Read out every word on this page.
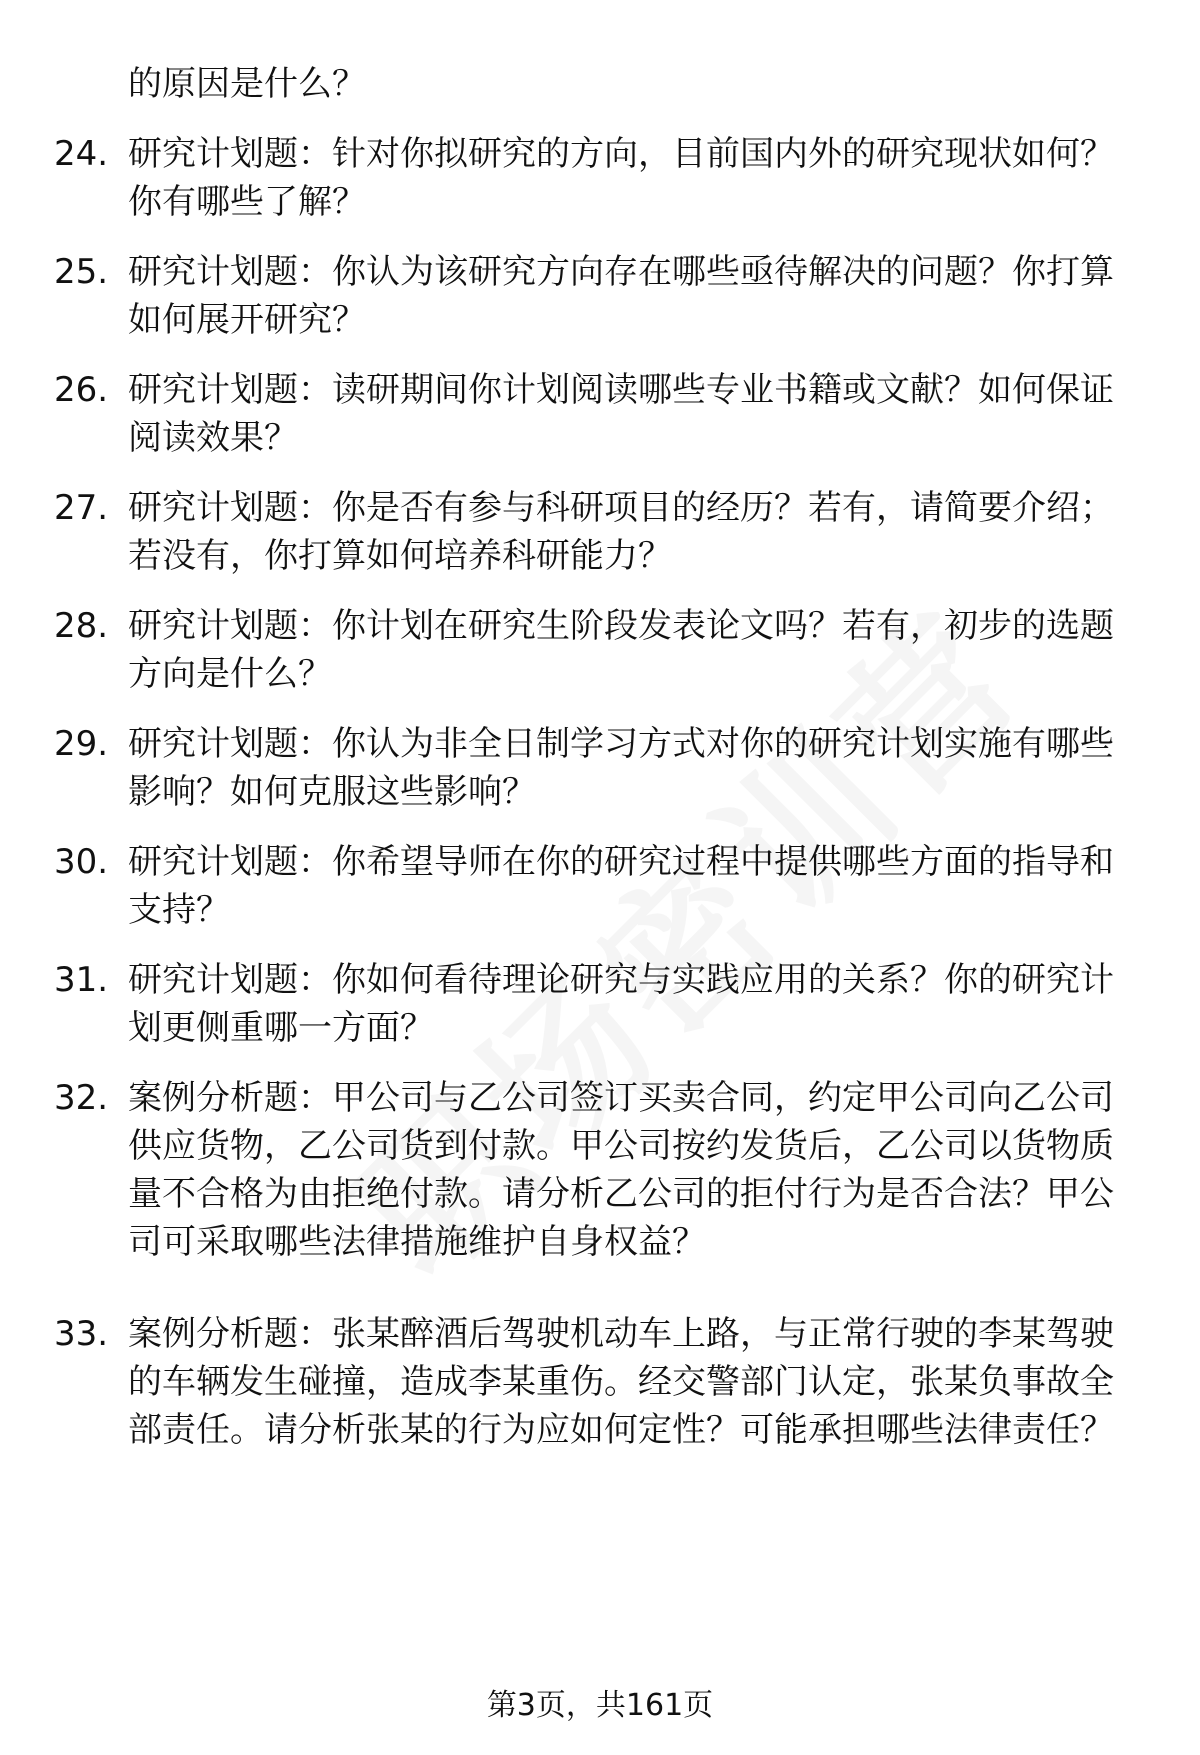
的原因是什么？
24. 研究计划题：针对你拟研究的方向，目前国内外的研究现状如何？你有哪些了解？
25. 研究计划题：你认为该研究方向存在哪些亟待解决的问题？你打算如何展开研究？
26. 研究计划题：读研期间你计划阅读哪些专业书籍或文献？如何保证阅读效果？
27. 研究计划题：你是否有参与科研项目的经历？若有，请简要介绍；若没有，你打算如何培养科研能力？
28. 研究计划题：你计划在研究生阶段发表论文吗？若有，初步的选题方向是什么？
29. 研究计划题：你认为非全日制学习方式对你的研究计划实施有哪些影响？如何克服这些影响？
30. 研究计划题：你希望导师在你的研究过程中提供哪些方面的指导和支持？
31. 研究计划题：你如何看待理论研究与实践应用的关系？你的研究计划更侧重哪一方面？
32. 案例分析题：甲公司与乙公司签订买卖合同，约定甲公司向乙公司供应货物，乙公司货到付款。甲公司按约发货后，乙公司以货物质量不合格为由拒绝付款。请分析乙公司的拒付行为是否合法？甲公司可采取哪些法律措施维护自身权益？
33. 案例分析题：张某醉酒后驾驶机动车上路，与正常行驶的李某驾驶的车辆发生碰撞，造成李某重伤。经交警部门认定，张某负事故全部责任。请分析张某的行为应如何定性？可能承担哪些法律责任？
第3页，共161页
